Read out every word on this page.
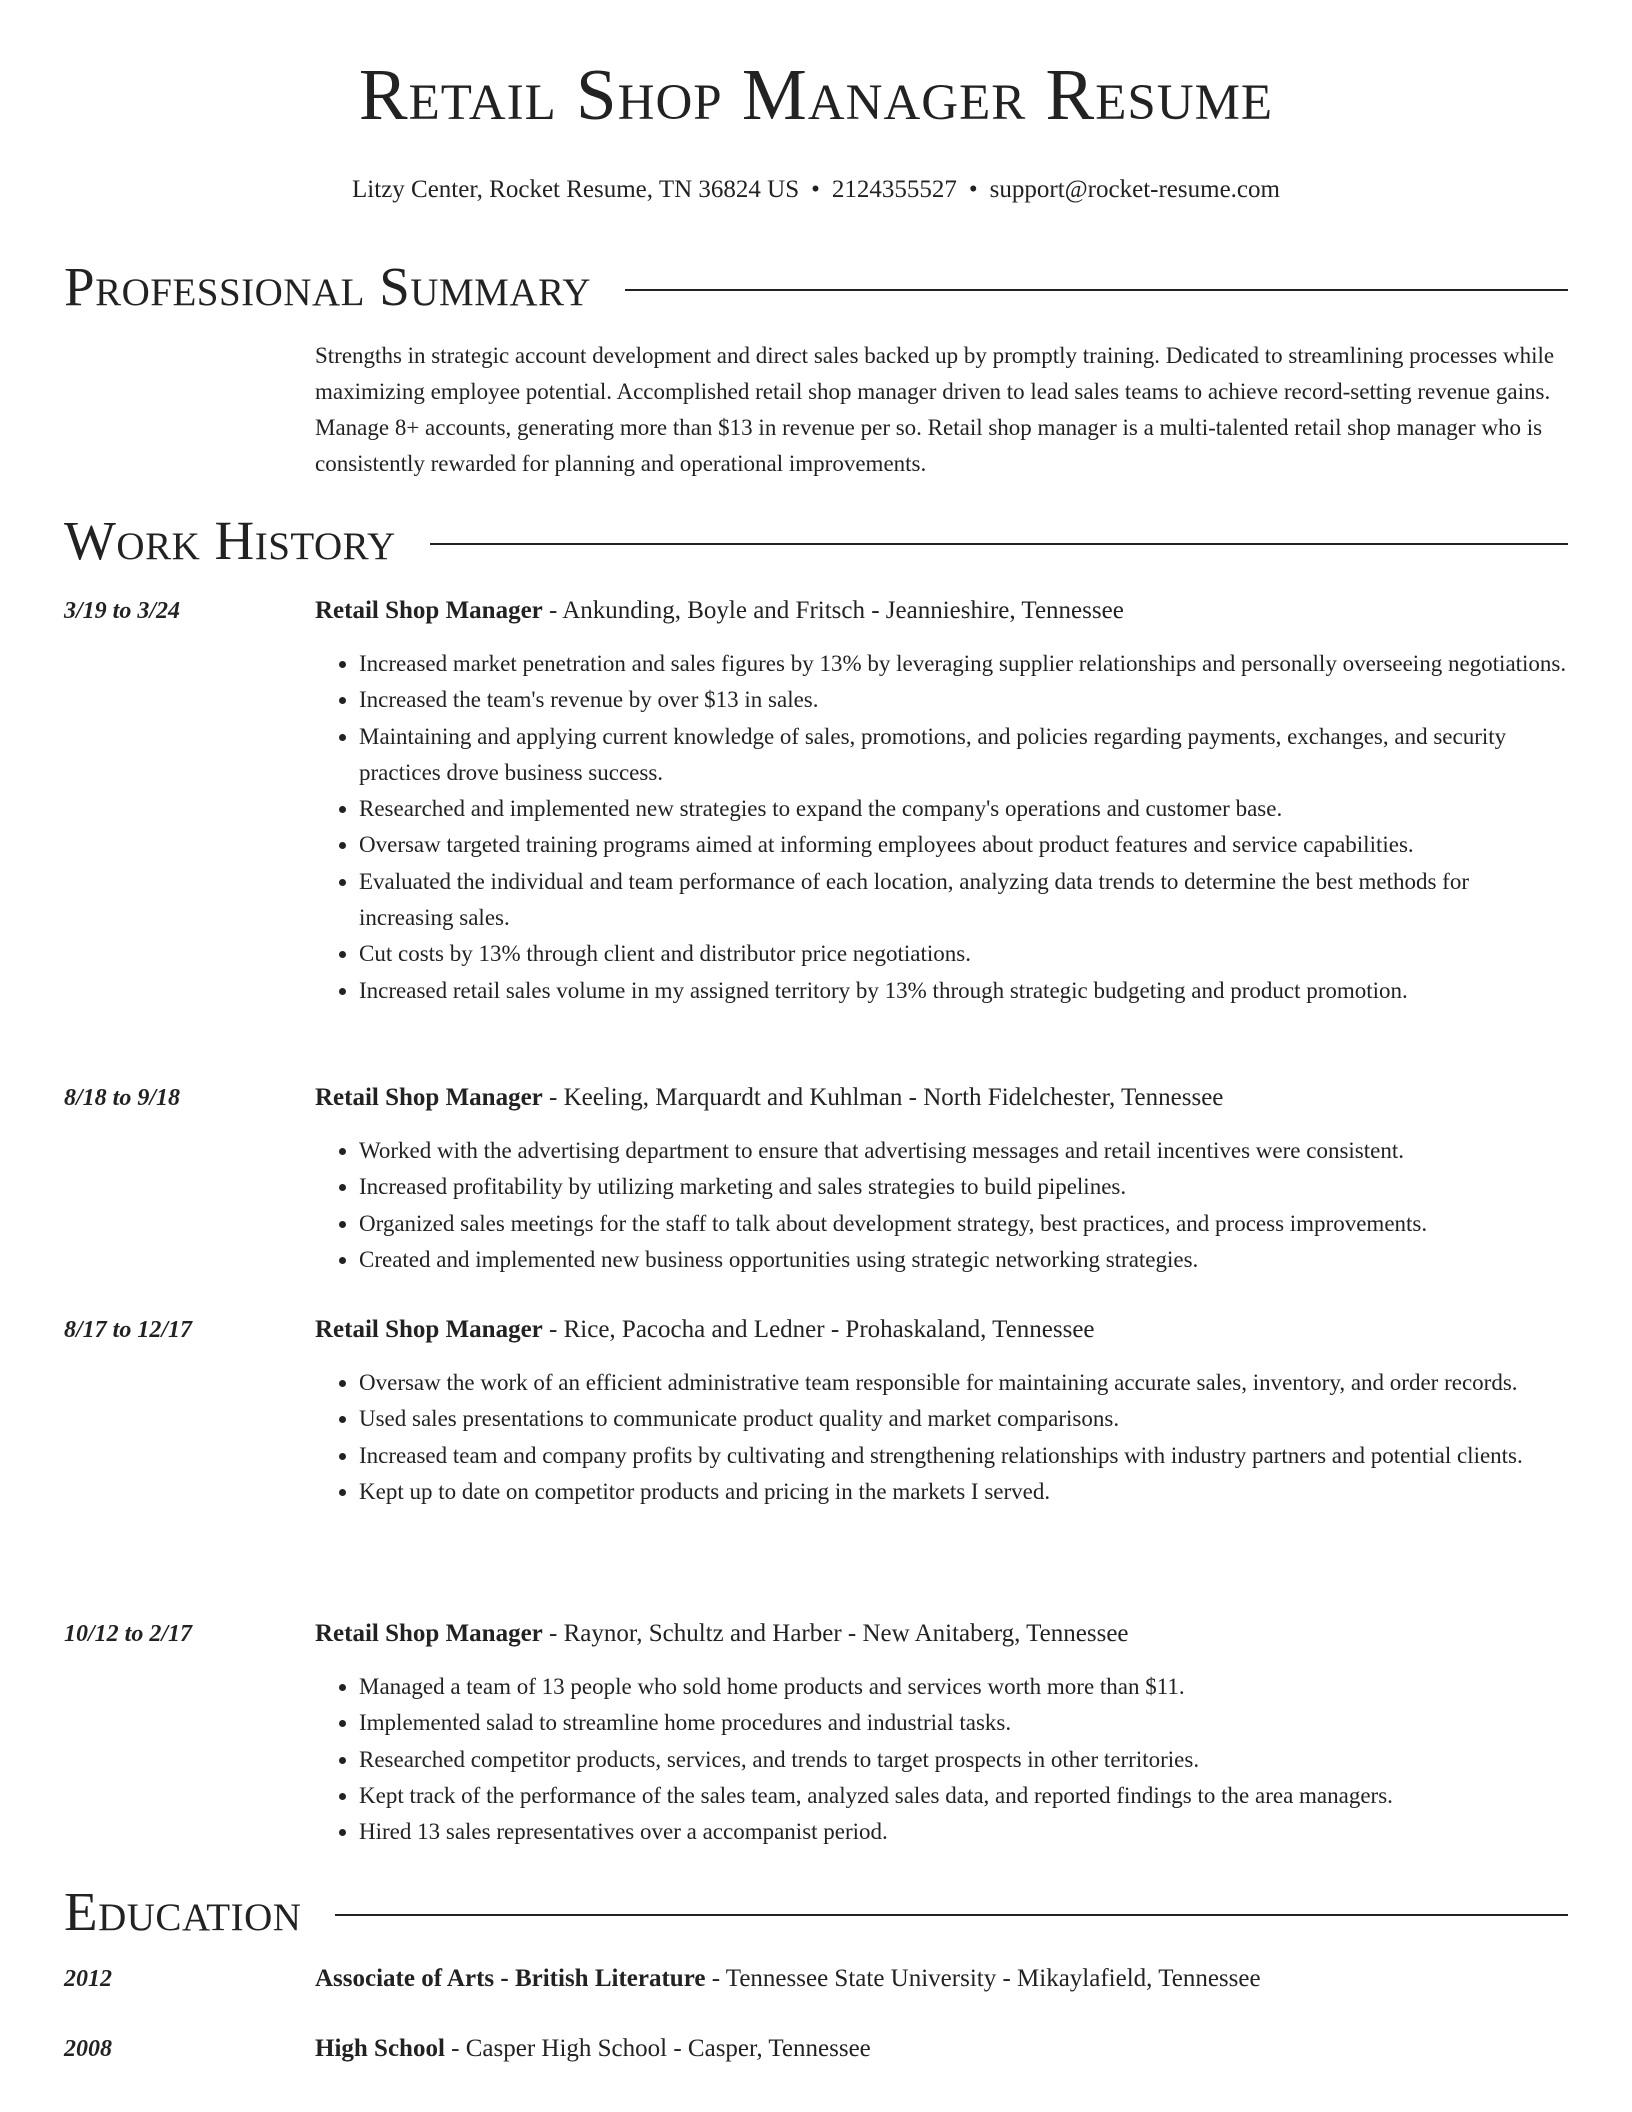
Retail Shop Manager Resume
Litzy Center, Rocket Resume, TN 36824 US • 2124355527 • support@rocket-resume.com
Professional Summary
Strengths in strategic account development and direct sales backed up by promptly training. Dedicated to streamlining processes while maximizing employee potential. Accomplished retail shop manager driven to lead sales teams to achieve record-setting revenue gains. Manage 8+ accounts, generating more than $13 in revenue per so. Retail shop manager is a multi-talented retail shop manager who is consistently rewarded for planning and operational improvements.
Work History
3/19 to 3/24	Retail Shop Manager - Ankunding, Boyle and Fritsch - Jeannieshire, Tennessee
• Increased market penetration and sales figures by 13% by leveraging supplier relationships and personally overseeing negotiations.
• Increased the team's revenue by over $13 in sales.
• Maintaining and applying current knowledge of sales, promotions, and policies regarding payments, exchanges, and security practices drove business success.
• Researched and implemented new strategies to expand the company's operations and customer base.
• Oversaw targeted training programs aimed at informing employees about product features and service capabilities.
• Evaluated the individual and team performance of each location, analyzing data trends to determine the best methods for increasing sales.
• Cut costs by 13% through client and distributor price negotiations.
• Increased retail sales volume in my assigned territory by 13% through strategic budgeting and product promotion.
8/18 to 9/18	Retail Shop Manager - Keeling, Marquardt and Kuhlman - North Fidelchester, Tennessee
• Worked with the advertising department to ensure that advertising messages and retail incentives were consistent.
• Increased profitability by utilizing marketing and sales strategies to build pipelines.
• Organized sales meetings for the staff to talk about development strategy, best practices, and process improvements.
• Created and implemented new business opportunities using strategic networking strategies.
8/17 to 12/17	Retail Shop Manager - Rice, Pacocha and Ledner - Prohaskaland, Tennessee
• Oversaw the work of an efficient administrative team responsible for maintaining accurate sales, inventory, and order records.
• Used sales presentations to communicate product quality and market comparisons.
• Increased team and company profits by cultivating and strengthening relationships with industry partners and potential clients.
• Kept up to date on competitor products and pricing in the markets I served.
10/12 to 2/17	Retail Shop Manager - Raynor, Schultz and Harber - New Anitaberg, Tennessee
• Managed a team of 13 people who sold home products and services worth more than $11.
• Implemented salad to streamline home procedures and industrial tasks.
• Researched competitor products, services, and trends to target prospects in other territories.
• Kept track of the performance of the sales team, analyzed sales data, and reported findings to the area managers.
• Hired 13 sales representatives over a accompanist period.
Education
2012	Associate of Arts - British Literature - Tennessee State University - Mikaylafield, Tennessee
2008	High School - Casper High School - Casper, Tennessee
